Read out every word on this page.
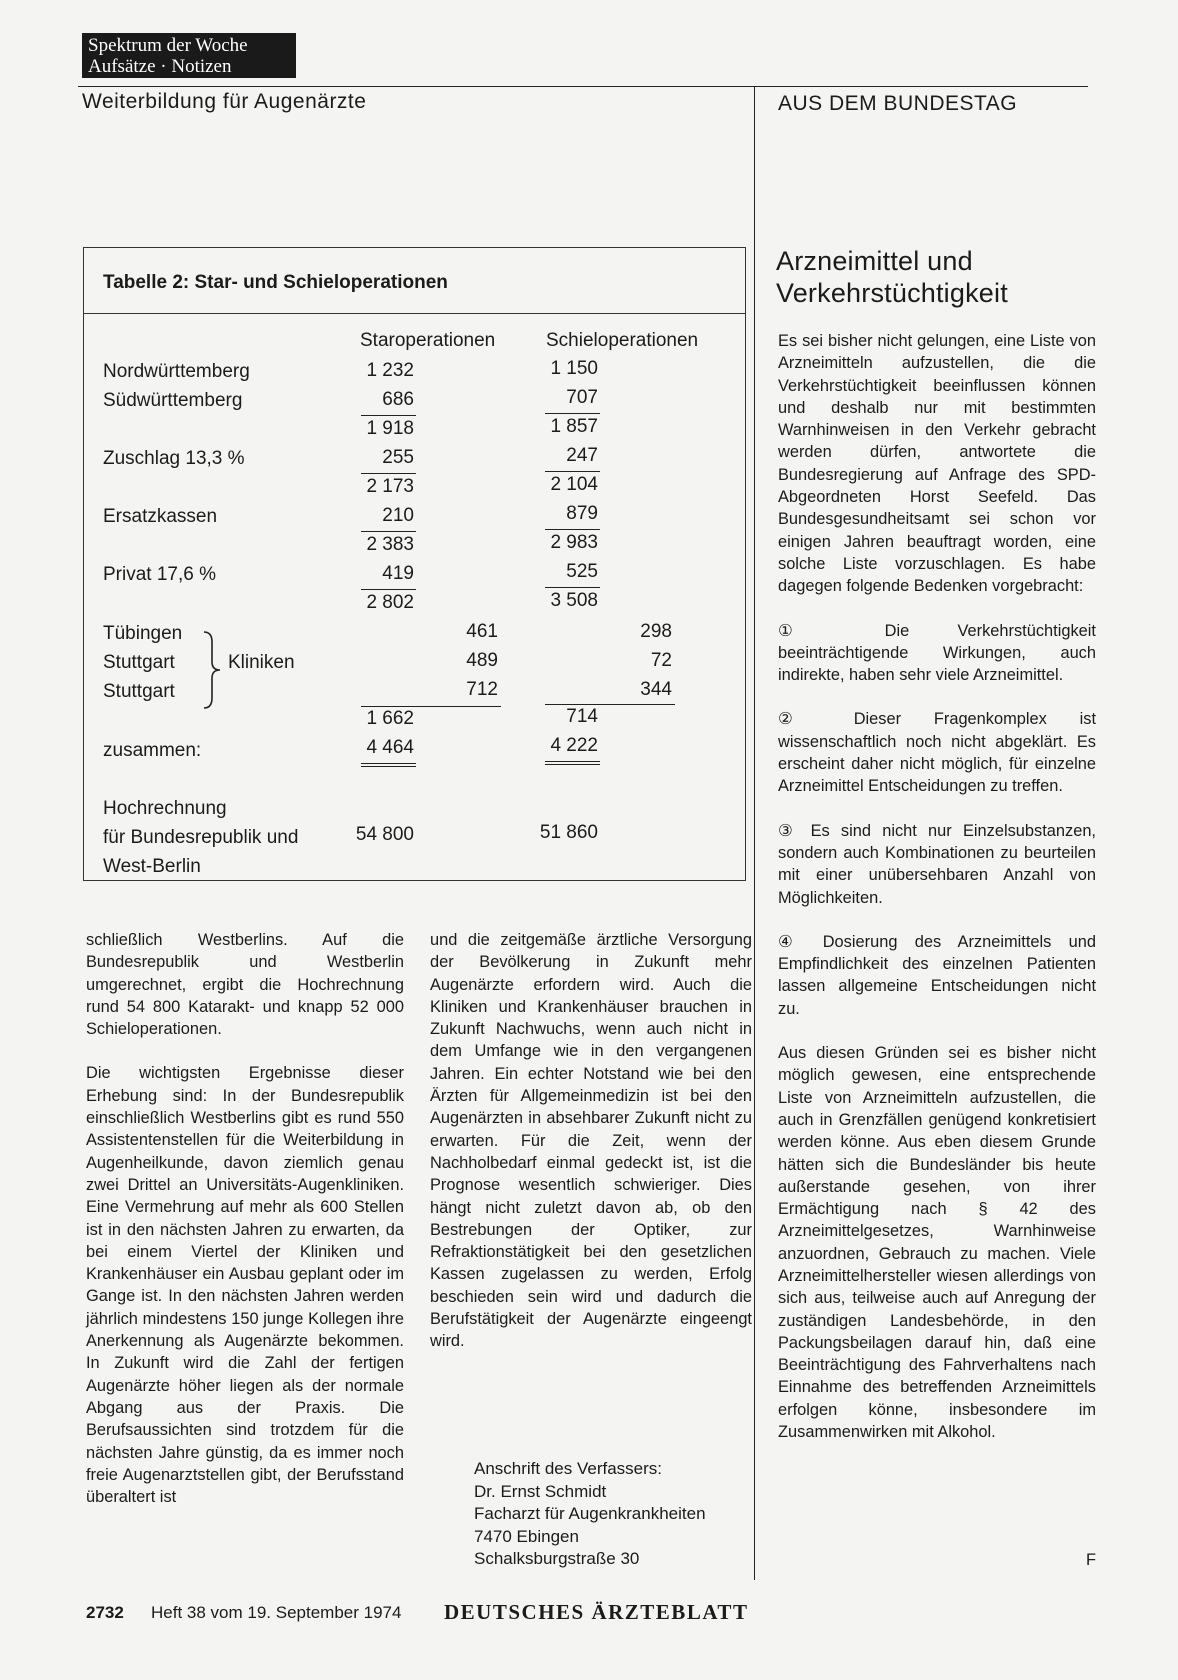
Spektrum der Woche
Aufsätze · Notizen
Weiterbildung für Augenärzte	AUS DEM BUNDESTAG
Tabelle 2: Star- und Schieloperationen
Staroperationen	Schieloperationen
Nordwürttemberg
Südwürttemberg
Zuschlag 13,3 %
Ersatzkassen
Privat 17,6 %
Tübingen
Stuttgart
Stuttgart
Kliniken
zusammen:
Hochrechnung
für Bundesrepublik und
West-Berlin
1 232
686
1 918
255
2 173
210
2 383
419
2 802
461
489
712
1 662
4 464
54 800
1 150
707
1 857
247
2 104
879
2 983
525
3 508
298
72
344
714
4 222
51 860

schließlich Westberlins. Auf die Bundesrepublik und Westberlin umgerechnet, ergibt die Hochrechnung rund 54 800 Katarakt- und knapp 52 000 Schieloperationen.

Die wichtigsten Ergebnisse dieser Erhebung sind: In der Bundesrepublik einschließlich Westberlins gibt es rund 550 Assistentenstellen für die Weiterbildung in Augenheilkunde, davon ziemlich genau zwei Drittel an Universitäts-Augenkliniken. Eine Vermehrung auf mehr als 600 Stellen ist in den nächsten Jahren zu erwarten, da bei einem Viertel der Kliniken und Krankenhäuser ein Ausbau geplant oder im Gange ist. In den nächsten Jahren werden jährlich mindestens 150 junge Kollegen ihre Anerkennung als Augenärzte bekommen. In Zukunft wird die Zahl der fertigen Augenärzte höher liegen als der normale Abgang aus der Praxis. Die Berufsaussichten sind trotzdem für die nächsten Jahre günstig, da es immer noch freie Augenarztstellen gibt, der Berufsstand überaltert ist

und die zeitgemäße ärztliche Versorgung der Bevölkerung in Zukunft mehr Augenärzte erfordern wird. Auch die Kliniken und Krankenhäuser brauchen in Zukunft Nachwuchs, wenn auch nicht in dem Umfange wie in den vergangenen Jahren. Ein echter Notstand wie bei den Ärzten für Allgemeinmedizin ist bei den Augenärzten in absehbarer Zukunft nicht zu erwarten. Für die Zeit, wenn der Nachholbedarf einmal gedeckt ist, ist die Prognose wesentlich schwieriger. Dies hängt nicht zuletzt davon ab, ob den Bestrebungen der Optiker, zur Refraktionstätigkeit bei den gesetzlichen Kassen zugelassen zu werden, Erfolg beschieden sein wird und dadurch die Berufstätigkeit der Augenärzte eingeengt wird.

Anschrift des Verfassers:
Dr. Ernst Schmidt
Facharzt für Augenkrankheiten
7470 Ebingen
Schalksburgstraße 30
Arzneimittel und
Verkehrstüchtigkeit

Es sei bisher nicht gelungen, eine Liste von Arzneimitteln aufzustellen, die die Verkehrstüchtigkeit beeinflussen können und deshalb nur mit bestimmten Warnhinweisen in den Verkehr gebracht werden dürfen, antwortete die Bundesregierung auf Anfrage des SPD-Abgeordneten Horst Seefeld. Das Bundesgesundheitsamt sei schon vor einigen Jahren beauftragt worden, eine solche Liste vorzuschlagen. Es habe dagegen folgende Bedenken vorgebracht:

① Die Verkehrstüchtigkeit beeinträchtigende Wirkungen, auch indirekte, haben sehr viele Arzneimittel.

② Dieser Fragenkomplex ist wissenschaftlich noch nicht abgeklärt. Es erscheint daher nicht möglich, für einzelne Arzneimittel Entscheidungen zu treffen.

③ Es sind nicht nur Einzelsubstanzen, sondern auch Kombinationen zu beurteilen mit einer unübersehbaren Anzahl von Möglichkeiten.

④ Dosierung des Arzneimittels und Empfindlichkeit des einzelnen Patienten lassen allgemeine Entscheidungen nicht zu.

Aus diesen Gründen sei es bisher nicht möglich gewesen, eine entsprechende Liste von Arzneimitteln aufzustellen, die auch in Grenzfällen genügend konkretisiert werden könne. Aus eben diesem Grunde hätten sich die Bundesländer bis heute außerstande gesehen, von ihrer Ermächtigung nach § 42 des Arzneimittelgesetzes, Warnhinweise anzuordnen, Gebrauch zu machen. Viele Arzneimittelhersteller wiesen allerdings von sich aus, teilweise auch auf Anregung der zuständigen Landesbehörde, in den Packungsbeilagen darauf hin, daß eine Beeinträchtigung des Fahrverhaltens nach Einnahme des betreffenden Arzneimittels erfolgen könne, insbesondere im Zusammenwirken mit Alkohol.

F
2732 Heft 38 vom 19. September 1974 DEUTSCHES ÄRZTEBLATT
